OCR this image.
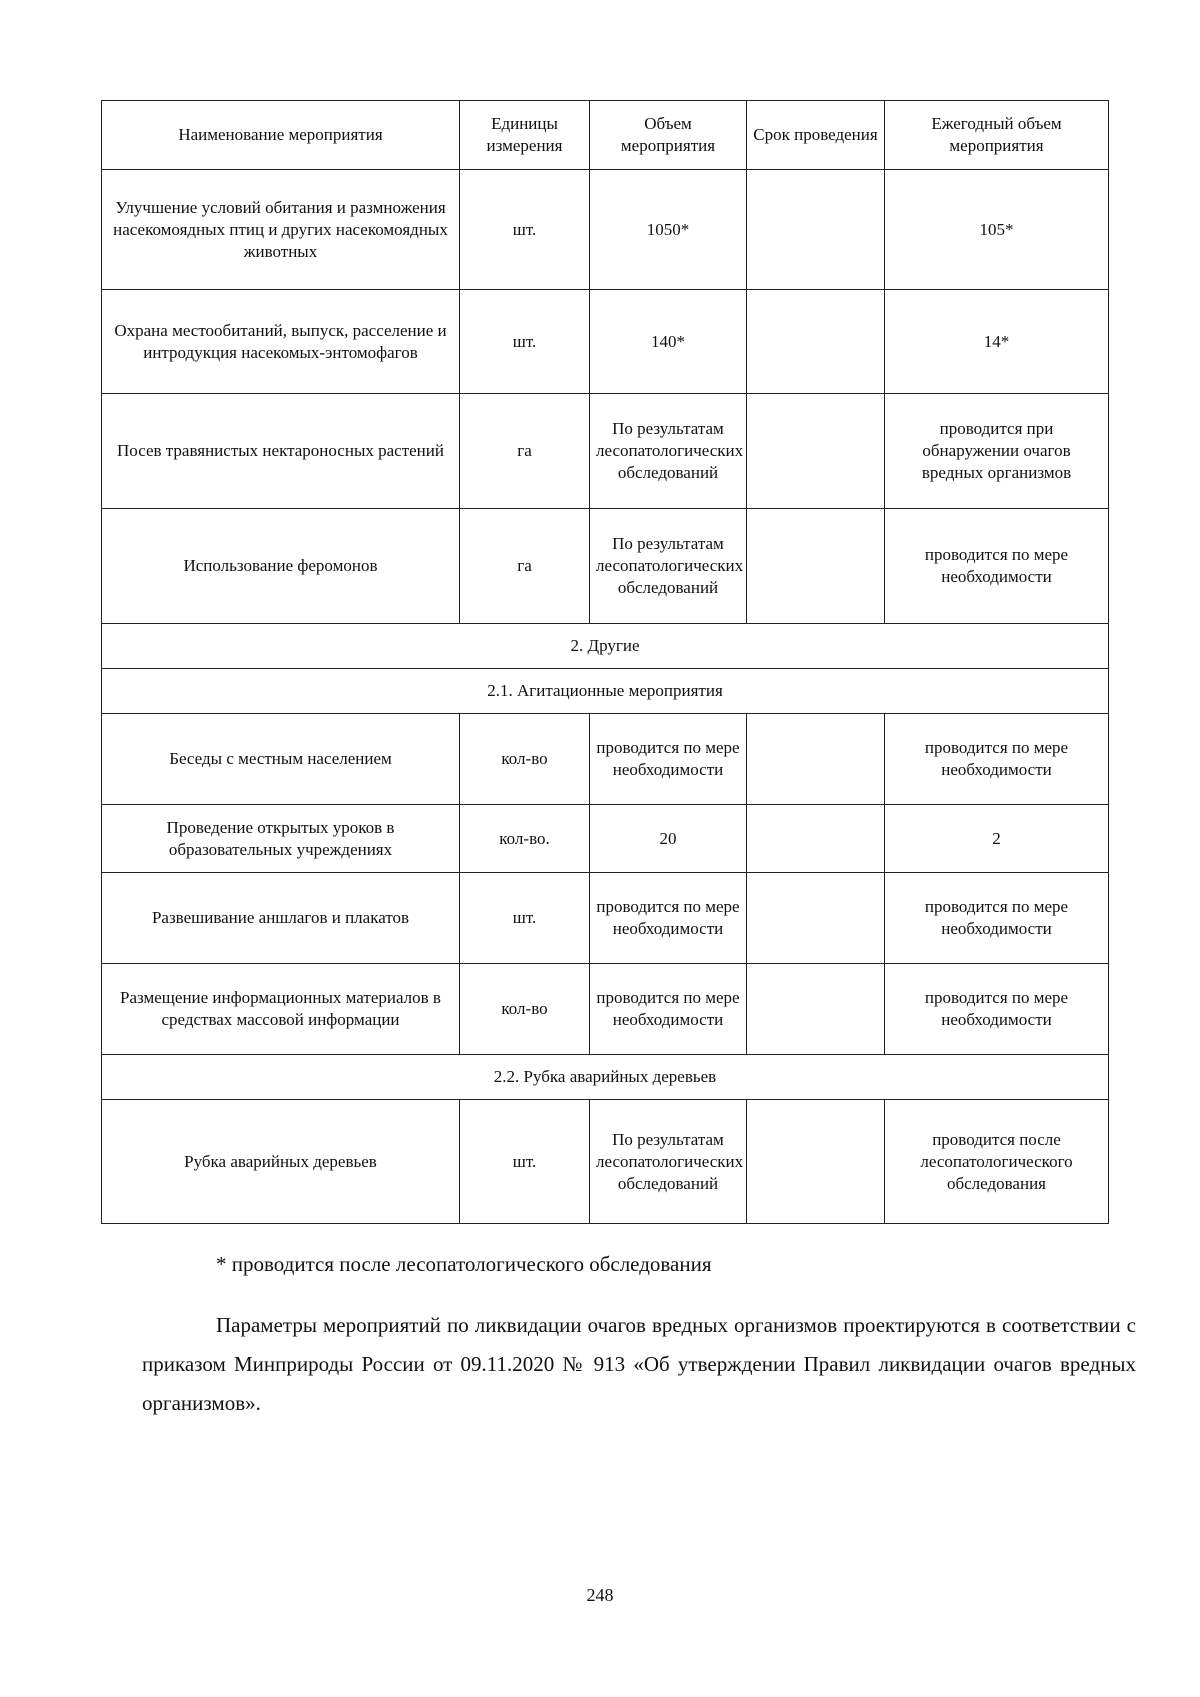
Наименование мероприятия	Единицы измерения	Объем мероприятия	Срок проведения	Ежегодный объем мероприятия
Улучшение условий обитания и размножения насекомоядных птиц и других насекомоядных животных	шт.	1050*		105*
Охрана местообитаний, выпуск, расселение и интродукция насекомых-энтомофагов	шт.	140*		14*
Посев травянистых нектароносных растений	га	По результатам лесопатологических обследований		проводится при обнаружении очагов вредных организмов
Использование феромонов	га	По результатам лесопатологических обследований		проводится по мере необходимости
2. Другие				
2.1. Агитационные мероприятия				
Беседы с местным населением	кол-во	проводится по мере необходимости		проводится по мере необходимости
Проведение открытых уроков в образовательных учреждениях	кол-во.	20		2
Развешивание аншлагов и плакатов	шт.	проводится по мере необходимости		проводится по мере необходимости
Размещение информационных материалов в средствах массовой информации	кол-во	проводится по мере необходимости		проводится по мере необходимости
2.2. Рубка аварийных деревьев				
Рубка аварийных деревьев	шт.	По результатам лесопатологических обследований		проводится после лесопатологического обследования
* проводится после лесопатологического обследования
Параметры мероприятий по ликвидации очагов вредных организмов проектируются в соответствии с приказом Минприроды России от 09.11.2020 № 913 «Об утверждении Правил ликвидации очагов вредных организмов».
248
